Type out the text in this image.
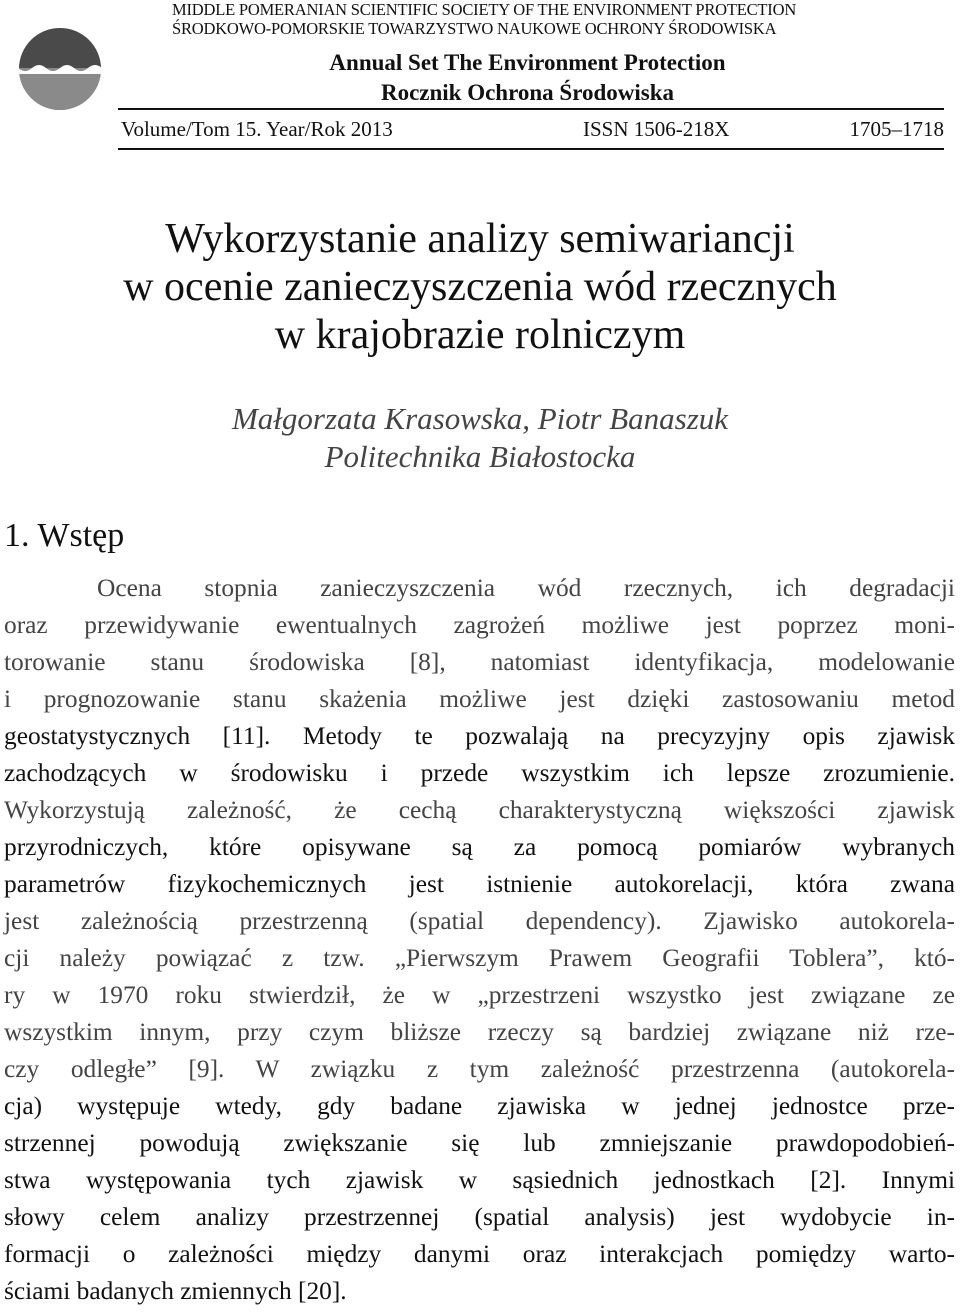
MIDDLE POMERANIAN SCIENTIFIC SOCIETY OF THE ENVIRONMENT PROTECTION
ŚRODKOWO-POMORSKIE TOWARZYSTWO NAUKOWE OCHRONY ŚRODOWISKA
Annual Set The Environment Protection
Rocznik Ochrona Środowiska
Volume/Tom 15. Year/Rok 2013	ISSN 1506-218X	1705–1718
Wykorzystanie analizy semiwariancji
w ocenie zanieczyszczenia wód rzecznych
w krajobrazie rolniczym
Małgorzata Krasowska, Piotr Banaszuk
Politechnika Białostocka
1. Wstęp
Ocena stopnia zanieczyszczenia wód rzecznych, ich degradacji
oraz przewidywanie ewentualnych zagrożeń możliwe jest poprzez moni-
torowanie stanu środowiska [8], natomiast identyfikacja, modelowanie
i prognozowanie stanu skażenia możliwe jest dzięki zastosowaniu metod
geostatystycznych [11]. Metody te pozwalają na precyzyjny opis zjawisk
zachodzących w środowisku i przede wszystkim ich lepsze zrozumienie.
Wykorzystują zależność, że cechą charakterystyczną większości zjawisk
przyrodniczych, które opisywane są za pomocą pomiarów wybranych
parametrów fizykochemicznych jest istnienie autokorelacji, która zwana
jest zależnością przestrzenną (spatial dependency). Zjawisko autokorela-
cji należy powiązać z tzw. „Pierwszym Prawem Geografii Toblera”, któ-
ry w 1970 roku stwierdził, że w „przestrzeni wszystko jest związane ze
wszystkim innym, przy czym bliższe rzeczy są bardziej związane niż rze-
czy odległe” [9]. W związku z tym zależność przestrzenna (autokorela-
cja) występuje wtedy, gdy badane zjawiska w jednej jednostce prze-
strzennej powodują zwiększanie się lub zmniejszanie prawdopodobień-
stwa występowania tych zjawisk w sąsiednich jednostkach [2]. Innymi
słowy celem analizy przestrzennej (spatial analysis) jest wydobycie in-
formacji o zależności między danymi oraz interakcjach pomiędzy warto-
ściami badanych zmiennych [20].
